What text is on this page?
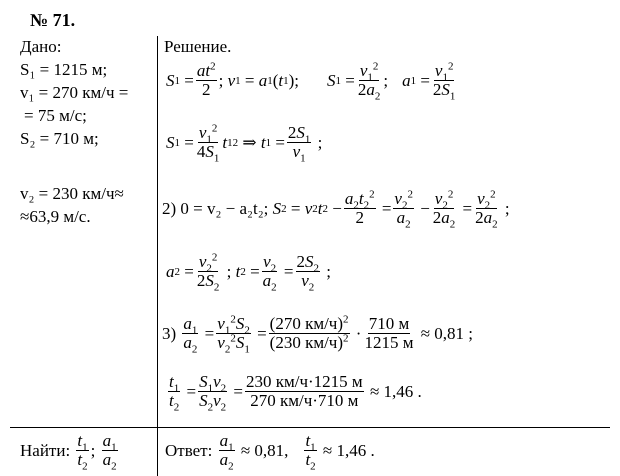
№ 71.
Дано:
S₁ = 1215 м;
v₁ = 270 км/ч =
= 75 м/с;
S₂ = 710 м;
v₂ = 230 км/ч≈
≈63,9 м/с.
Решение.
S $1 = \frac{at^2}{2}$ ; v 1 = a 1 ( t 1 ); S $1 = \frac{v_1^2}{2a_2}$ ; a $1 = \frac{v_1^2}{2S_1}$
S $1 = \frac{v_1^2}{4S_1}$ t 1 2 ⇒ t $1 = \frac{2S_1}{v_1}$ ;
2) 0 = v₂ − a₂t₂;
S 2 = v 2 t $2 - \frac{a_2t_2^2}{2} = \frac{v_2^2}{a_2} - \frac{v_2^2}{2a_2} = \frac{v_2^2}{2a_2}$ ;
a $2 = \frac{v_2^2}{2S_2}$ ; t $2 = \frac{v_2}{a_2} = \frac{2S_2}{v_2}$ ;
3)
$\frac{a_1}{a_2} = \frac{v_1^2S_2}{v_2^2S_1} = \frac{(270 км/ч)^2}{(230 км/ч)^2} \cdot \frac{710 м}{1215 м}$
≈ 0,81 ;
$\frac{t_1}{t_2} = \frac{S_1v_2}{S_2v_2} = \frac{230 км/ч\cdot 1215 м}{270 км/ч\cdot 710 м}$
≈ 1,46 .
Найти:
$\frac{t_1}{t_2}$ ; $\frac{a_1}{a_2}$	Ответ:
$\frac{a_1}{a_2}$
≈ 0,81, $\frac{t_1}{t_2}$
≈ 1,46 .
